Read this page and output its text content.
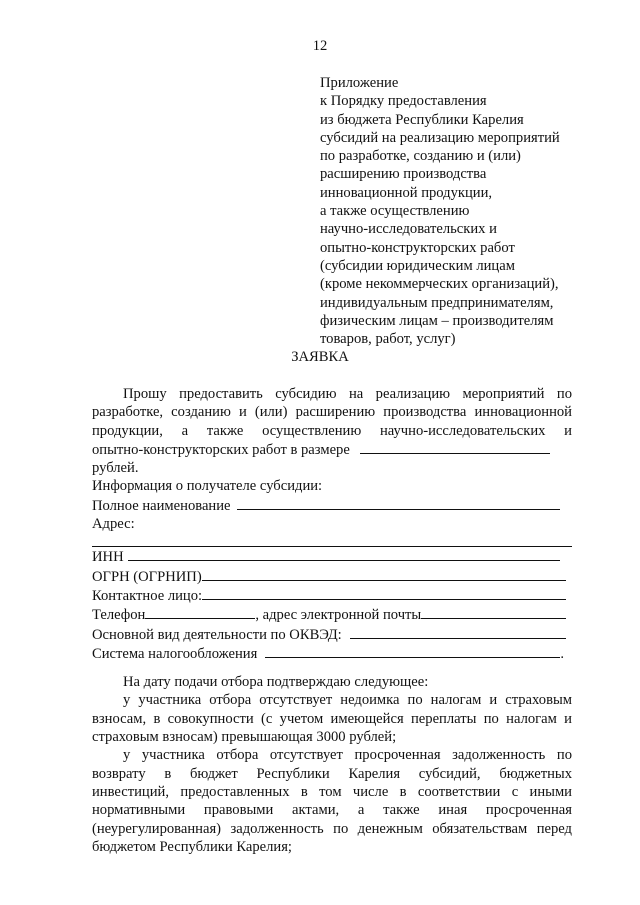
12
Приложение
к Порядку предоставления
из бюджета Республики Карелия
субсидий на реализацию мероприятий
по разработке, созданию и (или)
расширению производства
инновационной продукции,
а также осуществлению
научно-исследовательских и
опытно-конструкторских работ
(субсидии юридическим лицам
(кроме некоммерческих организаций),
индивидуальным предпринимателям,
физическим лицам – производителям
товаров, работ, услуг)
ЗАЯВКА
Прошу предоставить субсидию на реализацию мероприятий по
разработке, созданию и (или) расширению производства инновационной
продукции, а также осуществлению научно-исследовательских и
опытно-конструкторских работ в размере
рублей.
Информация о получателе субсидии:
Полное наименование
Адрес:
ИНН
ОГРН (ОГРНИП)
Контактное лицо:
Телефон	, адрес электронной почты
Основной вид деятельности по ОКВЭД:
Система налогообложения	.
На дату подачи отбора подтверждаю следующее:
у участника отбора отсутствует недоимка по налогам и страховым
взносам, в совокупности (с учетом имеющейся переплаты по налогам и
страховым взносам) превышающая 3000 рублей;
у участника отбора отсутствует просроченная задолженность по
возврату в бюджет Республики Карелия субсидий, бюджетных
инвестиций, предоставленных в том числе в соответствии с иными
нормативными правовыми актами, а также иная просроченная
(неурегулированная) задолженность по денежным обязательствам перед
бюджетом Республики Карелия;
